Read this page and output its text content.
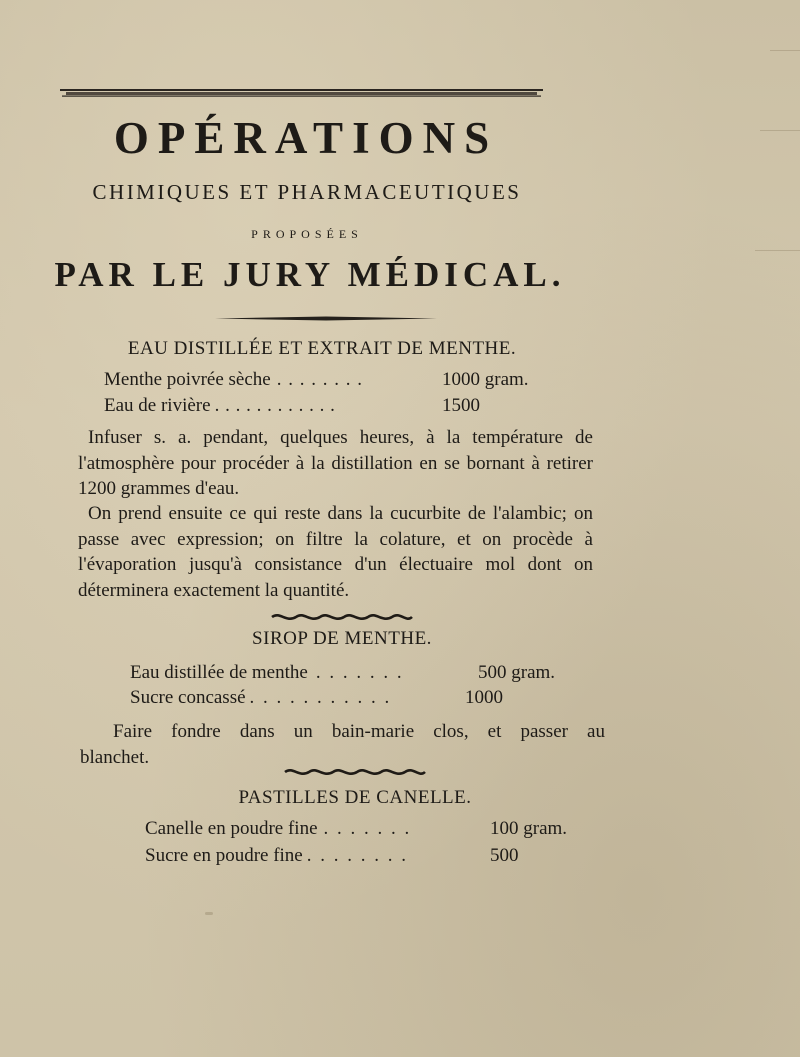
OPÉRATIONS
CHIMIQUES ET PHARMACEUTIQUES
PROPOSÉES
PAR LE JURY MÉDICAL.
EAU DISTILLÉE ET EXTRAIT DE MENTHE.
Menthe poivrée sèche . . . . . . . .	1000 gram.
Eau de rivière . . . . . . . . . . . .	1500

Infuser s. a. pendant, quelques heures, à la température de l'atmosphère pour procéder à la distillation en se bornant à retirer 1200 grammes d'eau.

On prend ensuite ce qui reste dans la cucurbite de l'alambic; on passe avec expression; on filtre la colature, et on procède à l'évaporation jusqu'à consistance d'un électuaire mol dont on déterminera exactement la quantité.

SIROP DE MENTHE.
Eau distillée de menthe . . . . . . .	500 gram.
Sucre concassé . . . . . . . . . . .	1000

Faire fondre dans un bain-marie clos, et passer au blanchet.

PASTILLES DE CANELLE.
Canelle en poudre fine . . . . . . .	100 gram.
Sucre en poudre fine . . . . . . . .	500
